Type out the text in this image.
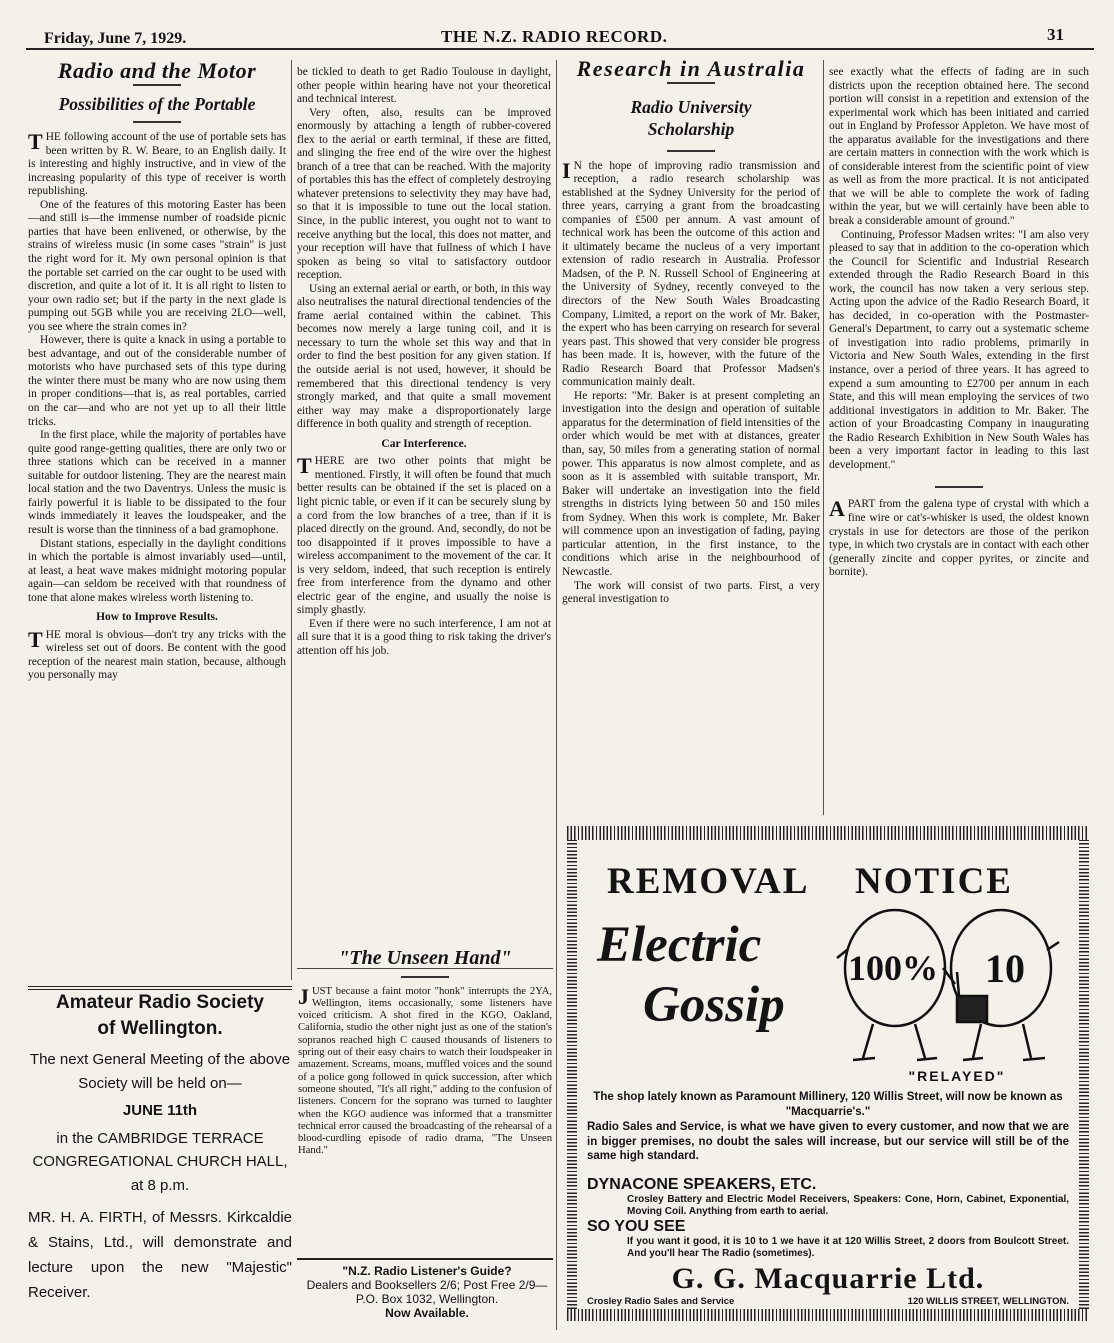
Friday, June 7, 1929.	THE N.Z. RADIO RECORD.	31
Radio and the Motor
Possibilities of the Portable

THE following account of the use of portable sets has been written by R. W. Beare, to an English daily. It is interesting and highly instructive, and in view of the increasing popularity of this type of receiver is worth republishing.

One of the features of this motoring Easter has been—and still is—the immense number of roadside picnic parties that have been enlivened, or otherwise, by the strains of wireless music (in some cases "strain" is just the right word for it. My own personal opinion is that the portable set carried on the car ought to be used with discretion, and quite a lot of it. It is all right to listen to your own radio set; but if the party in the next glade is pumping out 5GB while you are receiving 2LO—well, you see where the strain comes in?

However, there is quite a knack in using a portable to best advantage, and out of the considerable number of motorists who have purchased sets of this type during the winter there must be many who are now using them in proper conditions—that is, as real portables, carried on the car—and who are not yet up to all their little tricks.

In the first place, while the majority of portables have quite good range-getting qualities, there are only two or three stations which can be received in a manner suitable for outdoor listening. They are the nearest main local station and the two Daventrys. Unless the music is fairly powerful it is liable to be dissipated to the four winds immediately it leaves the loudspeaker, and the result is worse than the tinniness of a bad gramophone.

Distant stations, especially in the daylight conditions in which the portable is almost invariably used—until, at least, a heat wave makes midnight motoring popular again—can seldom be received with that roundness of tone that alone makes wireless worth listening to.

How to Improve Results.

THE moral is obvious—don't try any tricks with the wireless set out of doors. Be content with the good reception of the nearest main station, because, although you personally may

be tickled to death to get Radio Toulouse in daylight, other people within hearing have not your theoretical and technical interest.

Very often, also, results can be improved enormously by attaching a length of rubber-covered flex to the aerial or earth terminal, if these are fitted, and slinging the free end of the wire over the highest branch of a tree that can be reached. With the majority of portables this has the effect of completely destroying whatever pretensions to selectivity they may have had, so that it is impossible to tune out the local station. Since, in the public interest, you ought not to want to receive anything but the local, this does not matter, and your reception will have that fullness of which I have spoken as being so vital to satisfactory outdoor reception.

Using an external aerial or earth, or both, in this way also neutralises the natural directional tendencies of the frame aerial contained within the cabinet. This becomes now merely a large tuning coil, and it is necessary to turn the whole set this way and that in order to find the best position for any given station. If the outside aerial is not used, however, it should be remembered that this directional tendency is very strongly marked, and that quite a small movement either way may make a disproportionately large difference in both quality and strength of reception.

Car Interference.

THERE are two other points that might be mentioned. Firstly, it will often be found that much better results can be obtained if the set is placed on a light picnic table, or even if it can be securely slung by a cord from the low branches of a tree, than if it is placed directly on the ground. And, secondly, do not be too disappointed if it proves impossible to have a wireless accompaniment to the movement of the car. It is very seldom, indeed, that such reception is entirely free from interference from the dynamo and other electric gear of the engine, and usually the noise is simply ghastly.

Even if there were no such interference, I am not at all sure that it is a good thing to risk taking the driver's attention off his job.

Amateur Radio Society
of Wellington.
The next General Meeting of the above Society will be held on—
JUNE 11th
in the CAMBRIDGE TERRACE CONGREGATIONAL CHURCH HALL, at 8 p.m.
MR. H. A. FIRTH, of Messrs. Kirkcaldie & Stains, Ltd., will demonstrate and lecture upon the new "Majestic" Receiver.
"The Unseen Hand"

JUST because a faint motor "honk" interrupts the 2YA, Wellington, items occasionally, some listeners have voiced criticism. A shot fired in the KGO, Oakland, California, studio the other night just as one of the station's sopranos reached high C caused thousands of listeners to spring out of their easy chairs to watch their loudspeaker in amazement. Screams, moans, muffled voices and the sound of a police gong followed in quick succession, after which someone shouted, "It's all right," adding to the confusion of listeners. Concern for the soprano was turned to laughter when the KGO audience was informed that a transmitter technical error caused the broadcasting of the rehearsal of a blood-curdling episode of radio drama, "The Unseen Hand."

"N.Z. Radio Listener's Guide?
Dealers and Booksellers 2/6; Post Free 2/9—P.O. Box 1032, Wellington.
Now Available.
Research in Australia
Radio University Scholarship

I N the hope of improving radio transmission and reception, a radio research scholarship was established at the Sydney University for the period of three years, carrying a grant from the broadcasting companies of £500 per annum. A vast amount of technical work has been the outcome of this action and it ultimately became the nucleus of a very important extension of radio research in Australia. Professor Madsen, of the P. N. Russell School of Engineering at the University of Sydney, recently conveyed to the directors of the New South Wales Broadcasting Company, Limited, a report on the work of Mr. Baker, the expert who has been carrying on research for several years past. This showed that very consider ble progress has been made. It is, however, with the future of the Radio Research Board that Professor Madsen's communication mainly dealt.

He reports: "Mr. Baker is at present completing an investigation into the design and operation of suitable apparatus for the determination of field intensities of the order which would be met with at distances, greater than, say, 50 miles from a generating station of normal power. This apparatus is now almost complete, and as soon as it is assembled with suitable transport, Mr. Baker will undertake an investigation into the field strengths in districts lying between 50 and 150 miles from Sydney. When this work is complete, Mr. Baker will commence upon an investigation of fading, paying particular attention, in the first instance, to the conditions which arise in the neighbourhood of Newcastle.

The work will consist of two parts. First, a very general investigation to

see exactly what the effects of fading are in such districts upon the reception obtained here. The second portion will consist in a repetition and extension of the experimental work which has been initiated and carried out in England by Professor Appleton. We have most of the apparatus available for the investigations and there are certain matters in connection with the work which is of considerable interest from the scientific point of view as well as from the more practical. It is not anticipated that we will be able to complete the work of fading within the year, but we will certainly have been able to break a considerable amount of ground."

Continuing, Professor Madsen writes: "I am also very pleased to say that in addition to the co-operation which the Council for Scientific and Industrial Research extended through the Radio Research Board in this work, the council has now taken a very serious step. Acting upon the advice of the Radio Research Board, it has decided, in co-operation with the Postmaster-General's Department, to carry out a systematic scheme of investigation into radio problems, primarily in Victoria and New South Wales, extending in the first instance, over a period of three years. It has agreed to expend a sum amounting to £2700 per annum in each State, and this will mean employing the services of two additional investigators in addition to Mr. Baker. The action of your Broadcasting Company in inaugurating the Radio Research Exhibition in New South Wales has been a very important factor in leading to this last development."

APART from the galena type of crystal with which a fine wire or cat's-whisker is used, the oldest known crystals in use for detectors are those of the perikon type, in which two crystals are in contact with each other (generally zincite and copper pyrites, or zincite and bornite).

REMOVAL NOTICE
Electric
Gossip
100% 10
"RELAYED"
The shop lately known as Paramount Millinery, 120 Willis Street, will now be known as "Macquarrie's."
Radio Sales and Service, is what we have given to every customer, and now that we are in bigger premises, no doubt the sales will increase, but our service will still be of the same high standard.
DYNACONE SPEAKERS, ETC.
Crosley Battery and Electric Model Receivers, Speakers: Cone, Horn, Cabinet, Exponential, Moving Coil. Anything from earth to aerial.
SO YOU SEE
If you want it good, it is 10 to 1 we have it at 120 Willis Street, 2 doors from Boulcott Street. And you'll hear The Radio (sometimes).
G. G. Macquarrie Ltd.
Crosley Radio Sales and Service	120 WILLIS STREET, WELLINGTON.
